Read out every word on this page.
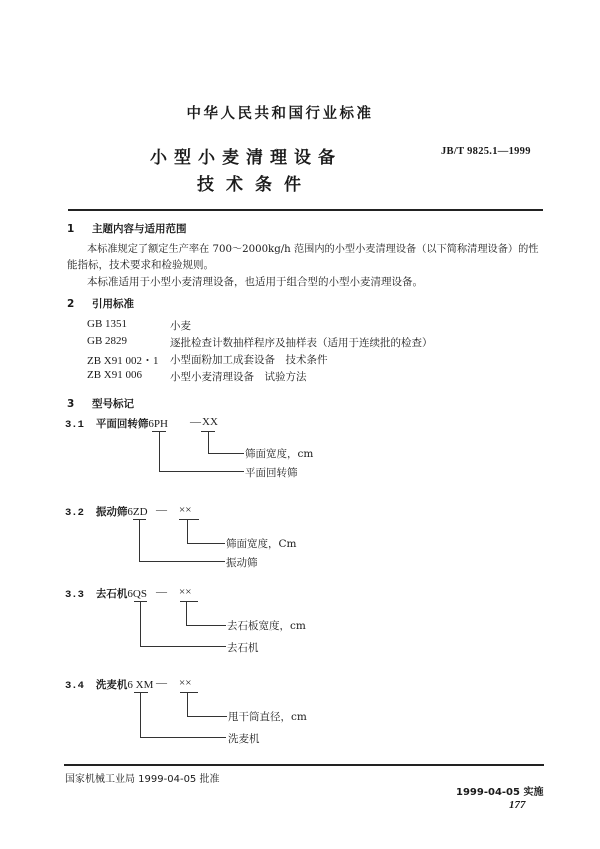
中华人民共和国行业标准
小型小麦清理设备
技术条件
JB/T 9825.1—1999
1 主题内容与适用范围
本标准规定了额定生产率在 700～2000kg/h 范围内的小型小麦清理设备（以下简称清理设备）的性
能指标，技术要求和检验规则。
本标准适用于小型小麦清理设备，也适用于组合型的小型小麦清理设备。
2 引用标准
GB 1351	小麦
GB 2829	逐批检查计数抽样程序及抽样表（适用于连续批的检查）
ZB X91 002・1 小型面粉加工成套设备　技术条件
ZB X91 006	小型小麦清理设备　试验方法
3 型号标记
3.1 平面回转筛6PH — XX
筛面宽度，cm
平面回转筛
3.2 振动筛6ZD — ××
筛面宽度，Cm
振动筛
3.3 去石机6QS — ××
去石板宽度，cm
去石机
3.4 洗麦机6 XM — ××
甩干筒直径，cm
洗麦机
国家机械工业局 1999-04-05 批准
1999-04-05 实施
177
